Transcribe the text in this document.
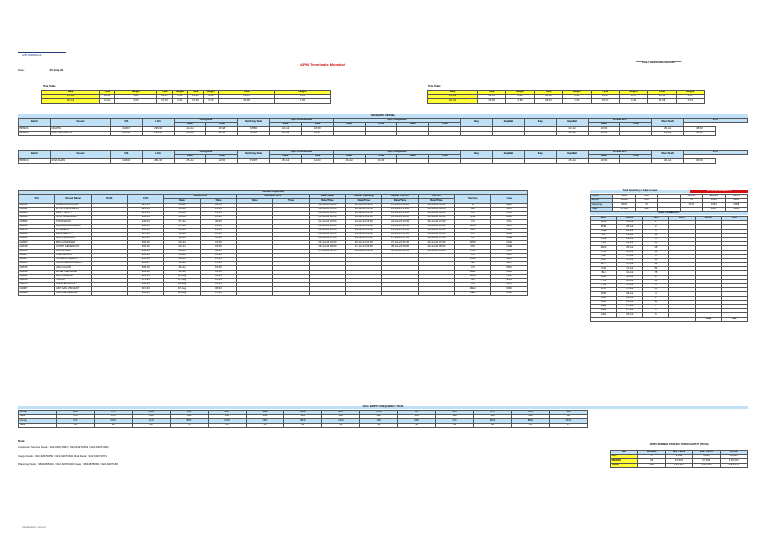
APM TERMINALS
Date:	25-July-24
APM Terminals Mumbai	******DAILY BERTHING REPORT******
Tide Table
Date	Time	Height	Time	Height	Time	Height	Time	Height
25-Jul	00:41	3.81	06:47	0.33	13:03	4.09	19:44	1.16
26-Jul	01:21	3.65	07:32	0.41	13:39	3.79	20:38	1.60
Tide Table
Date	Time	Height	Time	Height	Time	Height	Time	Height
25-Jul	02:19	4.09	08:18	0.49	14:47	4.57	21:11	0.37
26-Jul	02:59	3.98	09:04	1.03	15:27	4.40	21:58	0.61
ON BERTH VESSEL
Berth	Vessel	VIA	LOA	Alongside		Berthing Side	Ops Commenced		Ops Completed				Bay	Imp/Bal	Exp	Exp/Bal	Arrival EPL		Wsn Draft	ETC
				Date	Time		Date	Time	Date	Time	Date	Time					Date	Time		
BPMO1	ODATIN	G0917	295.00	22-Jul	16:48	STBD	22-Jul	18:28								22-Jul	13:00		25-Jul	08:00
BPMO2	MSC NICOLETTA	G3793	299.90	25-Jul	01:52	STBD	25-Jul	01:47								25-Jul	22:00		26-Jul	16:00
Berth	Vessel	VIA	LOA	Alongside		Berthing Side	Ops Commenced		Ops Completed				Bay	Imp/Bal	Exp	Exp/Bal	Arrival EPL		Wsn Draft	ETC
				Date	Time		Date	Time	Date	Time	Date	Time					Date	Time		
BPMO3	ASIA SHAN	G0632	381.00	25-Jul	12:06	PORT	25-Jul	14:00	26-Jul	11:00						25-Jul	10:00		26-Jul	06:00
Vessels Expected													
VIA	Vessel Name	Draft	LOA	Vessel ETA		ARRIVAL EPL		Gate Open	Reefer Opening	Reefer Cut Off	Cut Off	Service	Line
				Date	Time	Date	Time	Date/Time	Date/Time	Date/Time	Date/Time		
G0931	XPRESS ANTILLIA		225.30	26-Jul	18:00			18-Jul-24 09:00	20-Jul-24 09:00	21-Jul-24 09:00	24-Jul-24 03:00	SI	GEC
G0942	WYOTO EXPRESS		225.06	26-Jul	22:00			19-Jul-24 15:00	21-Jul-24 15:00	22-Jul-24 15:00	24-Jul-24 09:00	UM	HLC
G0905	RUBY SOFTY		229.50	25-Jul	13:00			20-Jul-24 04:00	22-Jul-24 04:00	23-Jul-24 04:00	25-Jul-24 04:00	CIS	PAC
G0904	XPCL HAMBURG		300.00	26-Jul	13:00			21-Jul-24 08:00	23-Jul-24 08:00	24-Jul-24 08:00	26-Jul-24 06:00	GS1	MSC
G0894	TONGSHAN		249.04	27-Jul	00:00			21-Jul-24 23:00	23-Jul-24 23:00	24-Jul-24 23:00	26-Jul-24 21:00	VU	CCL
G0834	AQUARIA EXPRESS		300.00	27-Jul	23:00			21-Jul-24 21:00	23-Jul-24 21:00	24-Jul-24 21:00	26-Jul-24 19:00	MNS	HLC
G0976	RI SHIELA		294.06	28-Jul	22:00			22-Jul-24 04:00	24-Jul-24 04:00	25-Jul-24 04:00	26-Jul-24 10:00	AIX	PAC
G0936	ABIM AEGYTI		397.00	30-Jul	15:00			23-Jul-24 03:00	25-Jul-24 03:00	26-Jul-24 03:00	28-Jul-24 05:00	CU	MSK
G0951	MSC PEGASUS		226.00	30-Jul	00:00			24-Jul-24 07:00	26-Jul-24 07:00	27-Jul-24 07:00	29-Jul-24 07:00	TIP	ONE
G0960	MSC HIDINGER		300.00	29-Jul	21:00			24-Jul-24 01:00	26-Jul-24 01:00	27-Jul-24 01:00	29-Jul-24 01:00	WSS	CMA
G0918	CONTI GENEROUT		334.00	29-Jul	18:00			25-Jul-24 09:00	27-Jul-24 09:00	28-Jul-24 09:00	30-Jul-24 09:00	PGI	ONE
G0950	JOKI BINGA		295.00	29-Jul	04:00			27-Jul-24 02:00	29-Jul-24 02:00	30-Jul-24 02:00	31-Jul-24 20:00	PGS	PAC
G0867	ONE SWNCS		295.20	29-Jul	12:00							CS	PAC
G0887	X-PRESS GEMINY		205.00	29-Jul	15:00							PMD	HLC
G0925	TRIKUTEE EXPRESS		335.47	30-Jul	15:00							SLI	HLC
G0916	ASIA VALOR		306.00	30-Jul	18:00							CS	MSC
G0939	ROSE VERGENE		299.00	31-Jul	10:00							MEU	MSK
G0941	APL PHOENIX		328.20	01-Aug	09:00							MNS	CCL
G0936	ITHOIA		279.20	07-Aug	10:00							SG	ESS
G0975	CAPE ELOWOUT		200.00	09-Aug	16:00							CS	HLC
G0987	AXP SAN VINCENT		315.00	07-Aug	08:00							MEU	MSK
G0989	OLUSSE NEMOIR		296.00	09-Aug	15:00							AEN	UMP
Yard Inventory / Gate Issues	GATE MOVEMENTS
Import	5086	200		GATE	Entries	TEU's
Export	10459	205		IN	1843	2420
Cleaning	2023	37		OUT	1934	2058
Total	17568	442			3287	4688
RAIL FORECAST
EXIT	GATE	TEU	EXIT	GATE	TEU
MSL	25-Jul	1			
PNE	25-Jul	2			
CHE	25-Jul	3			
VIJ	25-Jul	14			
CPE	25-Jul	5			
TVA	25-Jul	40			
MAS	25-Jul	25			
PTE	25-Jul	12			
OBI	17-Jul	3			
DSP	17-Jul	35			
MTT	17-Jul	51			
ICD	17-Jul	53			
BLI	31-Jul	75			
DXB	16-Jul	17			
TYR	16-Jul	21			
TTR	17-Jul	6			
BTO	17-Jul	55			
SNS	18-Jul	4			
PBD	20-Jul	2			
BSN	21-Jul	11			
DEA	27-Jul	7			
ABS	27-Jul	3			
GRL	25-Jul	5			
				Total	582
CFS / EMPTY FREQUENCY TEUS
Group	JWK	ITC	DGN	HKI	GRT	DEE	AMB	DDT	CCB	LL	BLI	IPS	ASS	SHI
Teus	378	878	238	263	430	208	285	283	428	345	198	126	428	94
Group	ICF	KNS	CLP	BST	COP	YMT	BPS	CEN	JRJ	MIZ	YCL	MSA	BRE	NOA
Teus	94	91	137	76	86	93	64	54	16	40	42	42	41	27
Note:
Customer Service Desk : 022-62971951 / 022-62971952 / 022-62971002
Cargo Desk : 022-62971850 / 022-62971641 Rail Desk : 022-62971974
Planning Desk : 9820285491 / 022-62971003 Gate : 9664878660 / 022-6297168
APMT MUMBAI TRAFFIC THROUGHPUT (TEUS)
BH	VESSEL	IMP TEUS	EXP TEUS	TOTAL
DAY	0	3,399	5,246	10,645
MONTH	28	16,943	67,844	1,35,237
YEAR	184	3,25,647	4,55,153	8,20,379
Classification: Internal
